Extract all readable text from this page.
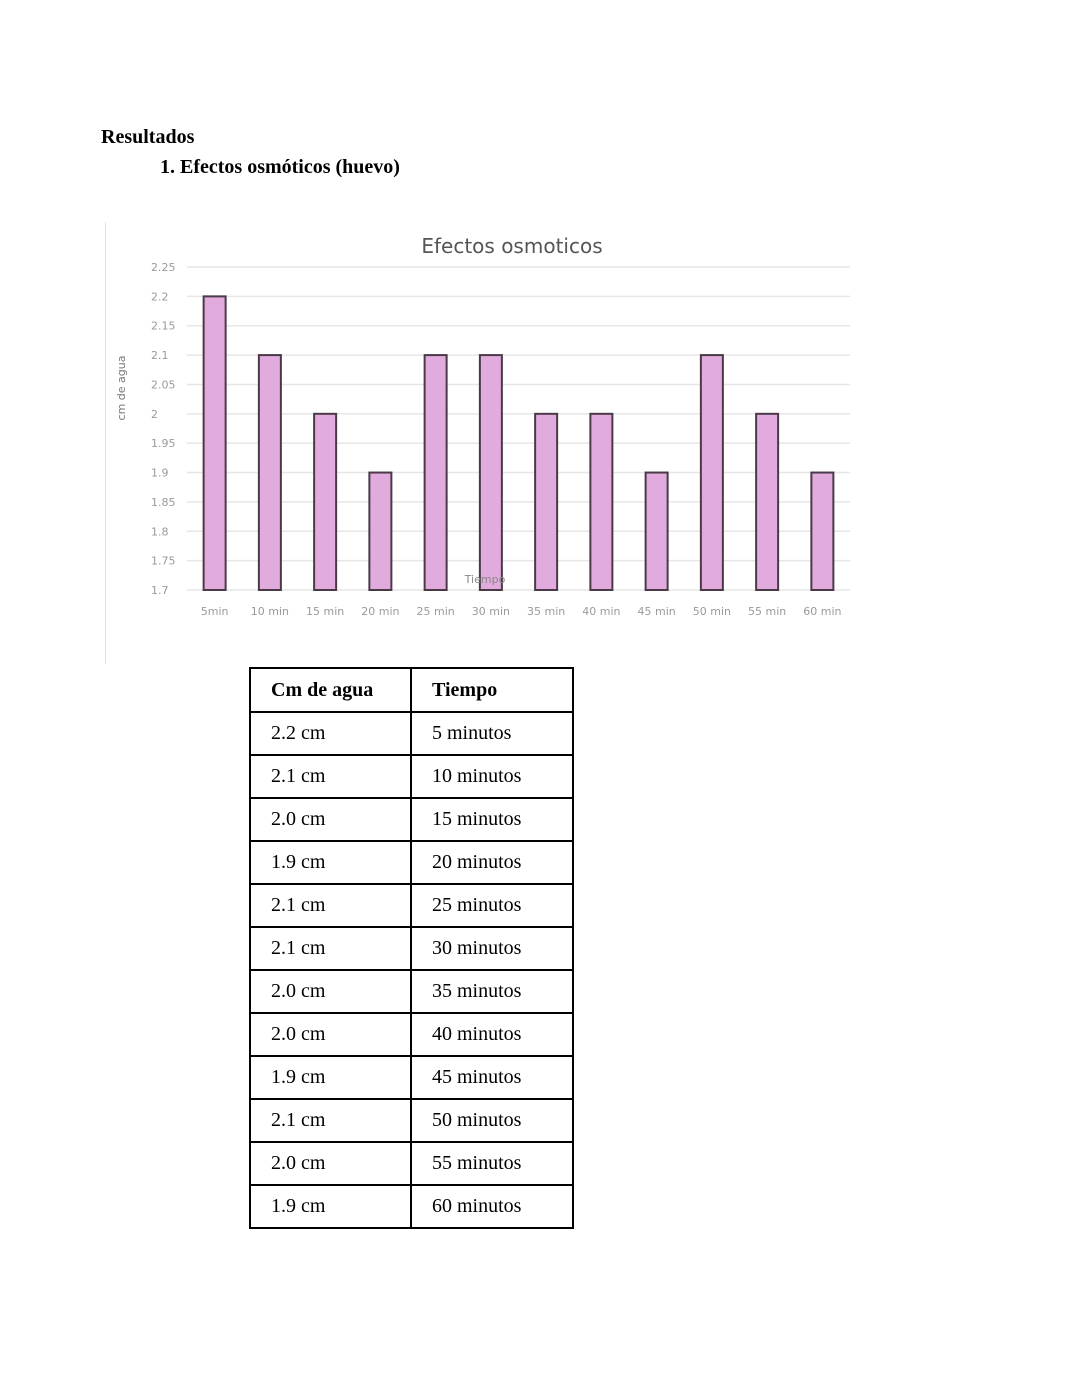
Resultados
1. Efectos osmóticos (huevo)
Efectos osmoticos
cm de agua
1.7
1.75
1.8
1.85
1.9
1.95
2
2.05
2.1
2.15
2.2
2.25
5min 10 min 15 min 20 min 25 min 30 min 35 min 40 min 45 min 50 min 55 min 60 min
Tiempo
Cm de agua	Tiempo
2.2 cm	5 minutos
2.1 cm	10 minutos
2.0 cm	15 minutos
1.9 cm	20 minutos
2.1 cm	25 minutos
2.1 cm	30 minutos
2.0 cm	35 minutos
2.0 cm	40 minutos
1.9 cm	45 minutos
2.1 cm	50 minutos
2.0 cm	55 minutos
1.9 cm	60 minutos
